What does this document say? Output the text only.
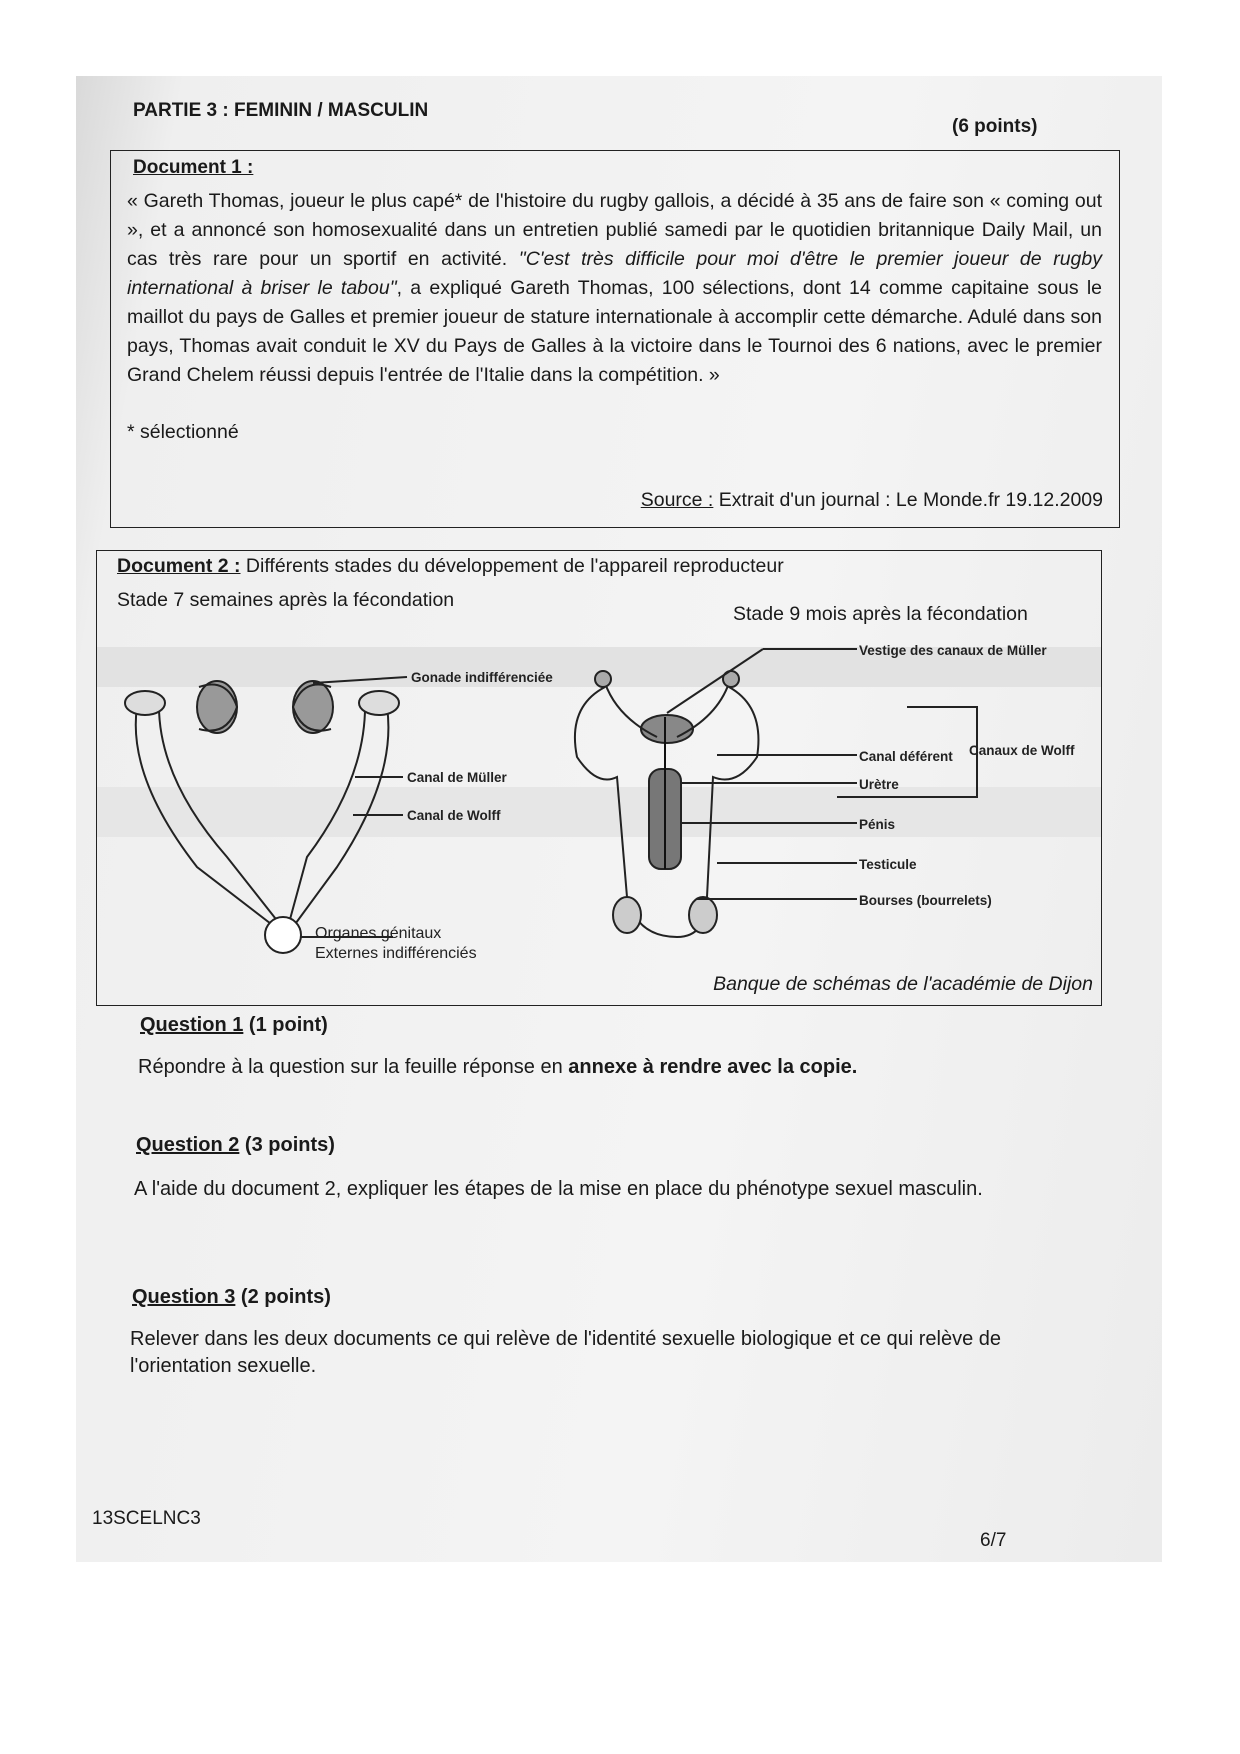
PARTIE 3 : FEMININ / MASCULIN
(6 points)
Document 1 :
« Gareth Thomas, joueur le plus capé* de l'histoire du rugby gallois, a décidé à 35 ans de faire son « coming out », et a annoncé son homosexualité dans un entretien publié samedi par le quotidien britannique Daily Mail, un cas très rare pour un sportif en activité. "C'est très difficile pour moi d'être le premier joueur de rugby international à briser le tabou", a expliqué Gareth Thomas, 100 sélections, dont 14 comme capitaine sous le maillot du pays de Galles et premier joueur de stature internationale à accomplir cette démarche. Adulé dans son pays, Thomas avait conduit le XV du Pays de Galles à la victoire dans le Tournoi des 6 nations, avec le premier Grand Chelem réussi depuis l'entrée de l'Italie dans la compétition. »
* sélectionné
Source : Extrait d'un journal : Le Monde.fr 19.12.2009
Document 2 : Différents stades du développement de l'appareil reproducteur
Stade 7 semaines après la fécondation
Stade 9 mois après la fécondation
Gonade indifférenciée
Canal de Müller
Canal de Wolff
Organes génitaux
Externes indifférenciés
Vestige des canaux de Müller
Canal déférent Canaux de Wolff
Urètre
Pénis
Testicule
Bourses (bourrelets)
Banque de schémas de l'académie de Dijon
Question 1 (1 point)
Répondre à la question sur la feuille réponse en annexe à rendre avec la copie.
Question 2 (3 points)
A l'aide du document 2, expliquer les étapes de la mise en place du phénotype sexuel masculin.
Question 3 (2 points)
Relever dans les deux documents ce qui relève de l'identité sexuelle biologique et ce qui relève de l'orientation sexuelle.
13SCELNC3
6/7
